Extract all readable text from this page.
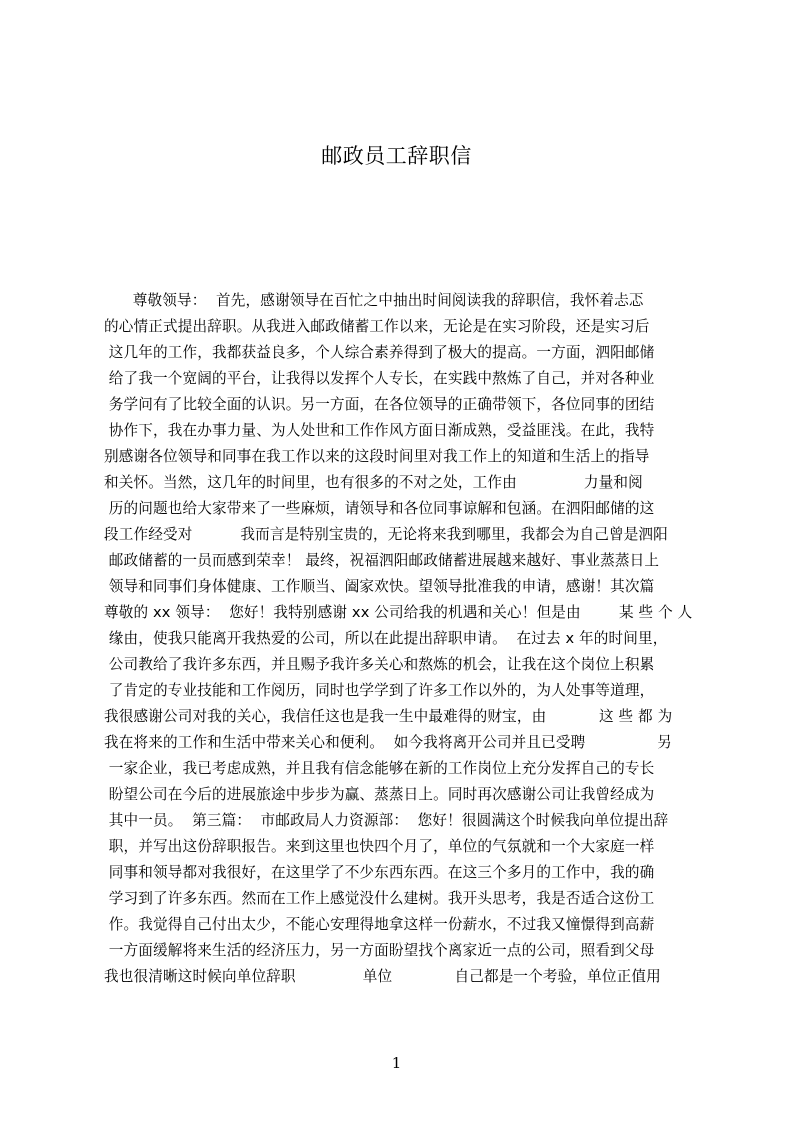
邮政员工辞职信
尊敬领导：  首先，感谢领导在百忙之中抽出时间阅读我的辞职信，我怀着忐忑
的心情正式提出辞职。从我进入邮政储蓄工作以来，无论是在实习阶段，还是实习后
这几年的工作，我都获益良多，个人综合素养得到了极大的提高。一方面，泗阳邮储
给了我一个宽阔的平台，让我得以发挥个人专长，在实践中熬炼了自己，并对各种业
务学问有了比较全面的认识。另一方面，在各位领导的正确带领下，各位同事的团结
协作下，我在办事力量、为人处世和工作作风方面日渐成熟，受益匪浅。在此，我特
别感谢各位领导和同事在我工作以来的这段时间里对我工作上的知道和生活上的指导
和关怀。当然，这几年的时间里，也有很多的不对之处，工作由              力量和阅
历的问题也给大家带来了一些麻烦，请领导和各位同事谅解和包涵。在泗阳邮储的这
段工作经受对          我而言是特别宝贵的，无论将来我到哪里，我都会为自己曾是泗阳
邮政储蓄的一员而感到荣幸！ 最终，祝福泗阳邮政储蓄进展越来越好、事业蒸蒸日上
领导和同事们身体健康、工作顺当、阖家欢快。望领导批准我的申请，感谢！其次篇
尊敬的 xx 领导：  您好！我特别感谢 xx 公司给我的机遇和关心！但是由        某 些 个 人
缘由，使我只能离开我热爱的公司，所以在此提出辞职申请。  在过去 x 年的时间里，
公司教给了我许多东西，并且赐予我许多关心和熬炼的机会，让我在这个岗位上积累
了肯定的专业技能和工作阅历，同时也学学到了许多工作以外的，为人处事等道理，
我很感谢公司对我的关心，我信任这也是我一生中最难得的财宝，由           这 些 都 为
我在将来的工作和生活中带来关心和便利。  如今我将离开公司并且已受聘               另
一家企业，我已考虑成熟，并且我有信念能够在新的工作岗位上充分发挥自己的专长
盼望公司在今后的进展旅途中步步为赢、蒸蒸日上。同时再次感谢公司让我曾经成为
其中一员。  第三篇：  市邮政局人力资源部：  您好！很圆满这个时候我向单位提出辞
职，并写出这份辞职报告。来到这里也快四个月了，单位的气氛就和一个大家庭一样
同事和领导都对我很好，在这里学了不少东西东西。在这三个多月的工作中，我的确
学习到了许多东西。然而在工作上感觉没什么建树。我开头思考，我是否适合这份工
作。我觉得自己付出太少，不能心安理得地拿这样一份薪水，不过我又憧憬得到高薪
一方面缓解将来生活的经济压力，另一方面盼望找个离家近一点的公司，照看到父母
我也很清晰这时候向单位辞职              单位             自己都是一个考验，单位正值用
1
